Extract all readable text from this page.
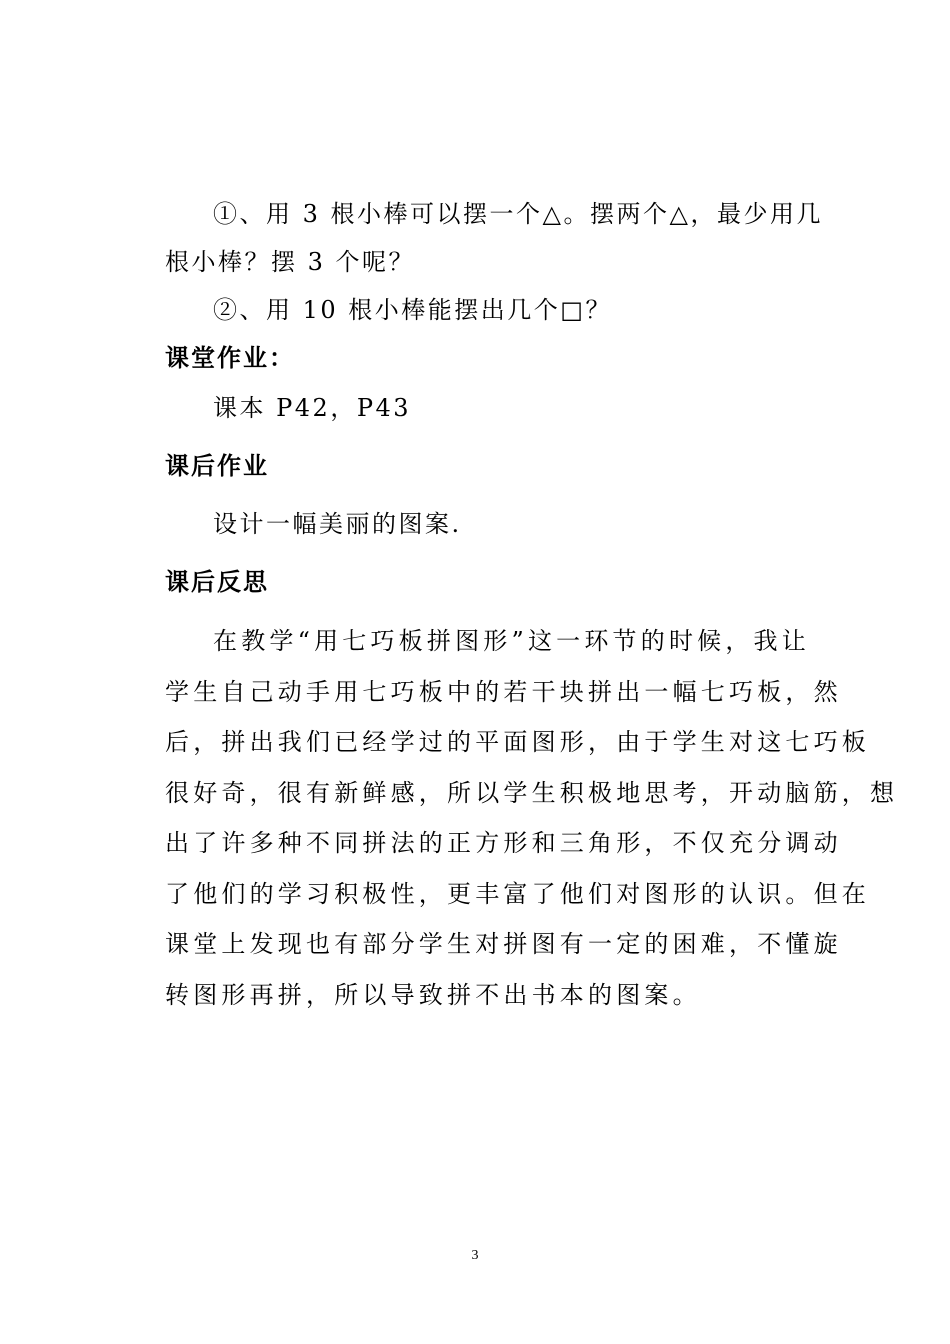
①、用 3 根小棒可以摆一个△。摆两个△，最少用几
根小棒？摆 3 个呢？
②、用 10 根小棒能摆出几个□？
课堂作业：
课本 P42，P43
课后作业
设计一幅美丽的图案.
课后反思
在教学“用七巧板拼图形”这一环节的时候，我让
学生自己动手用七巧板中的若干块拼出一幅七巧板，然
后，拼出我们已经学过的平面图形，由于学生对这七巧板
很好奇，很有新鲜感，所以学生积极地思考，开动脑筋，想
出了许多种不同拼法的正方形和三角形，不仅充分调动
了他们的学习积极性，更丰富了他们对图形的认识。但在
课堂上发现也有部分学生对拼图有一定的困难，不懂旋
转图形再拼，所以导致拼不出书本的图案。
3
